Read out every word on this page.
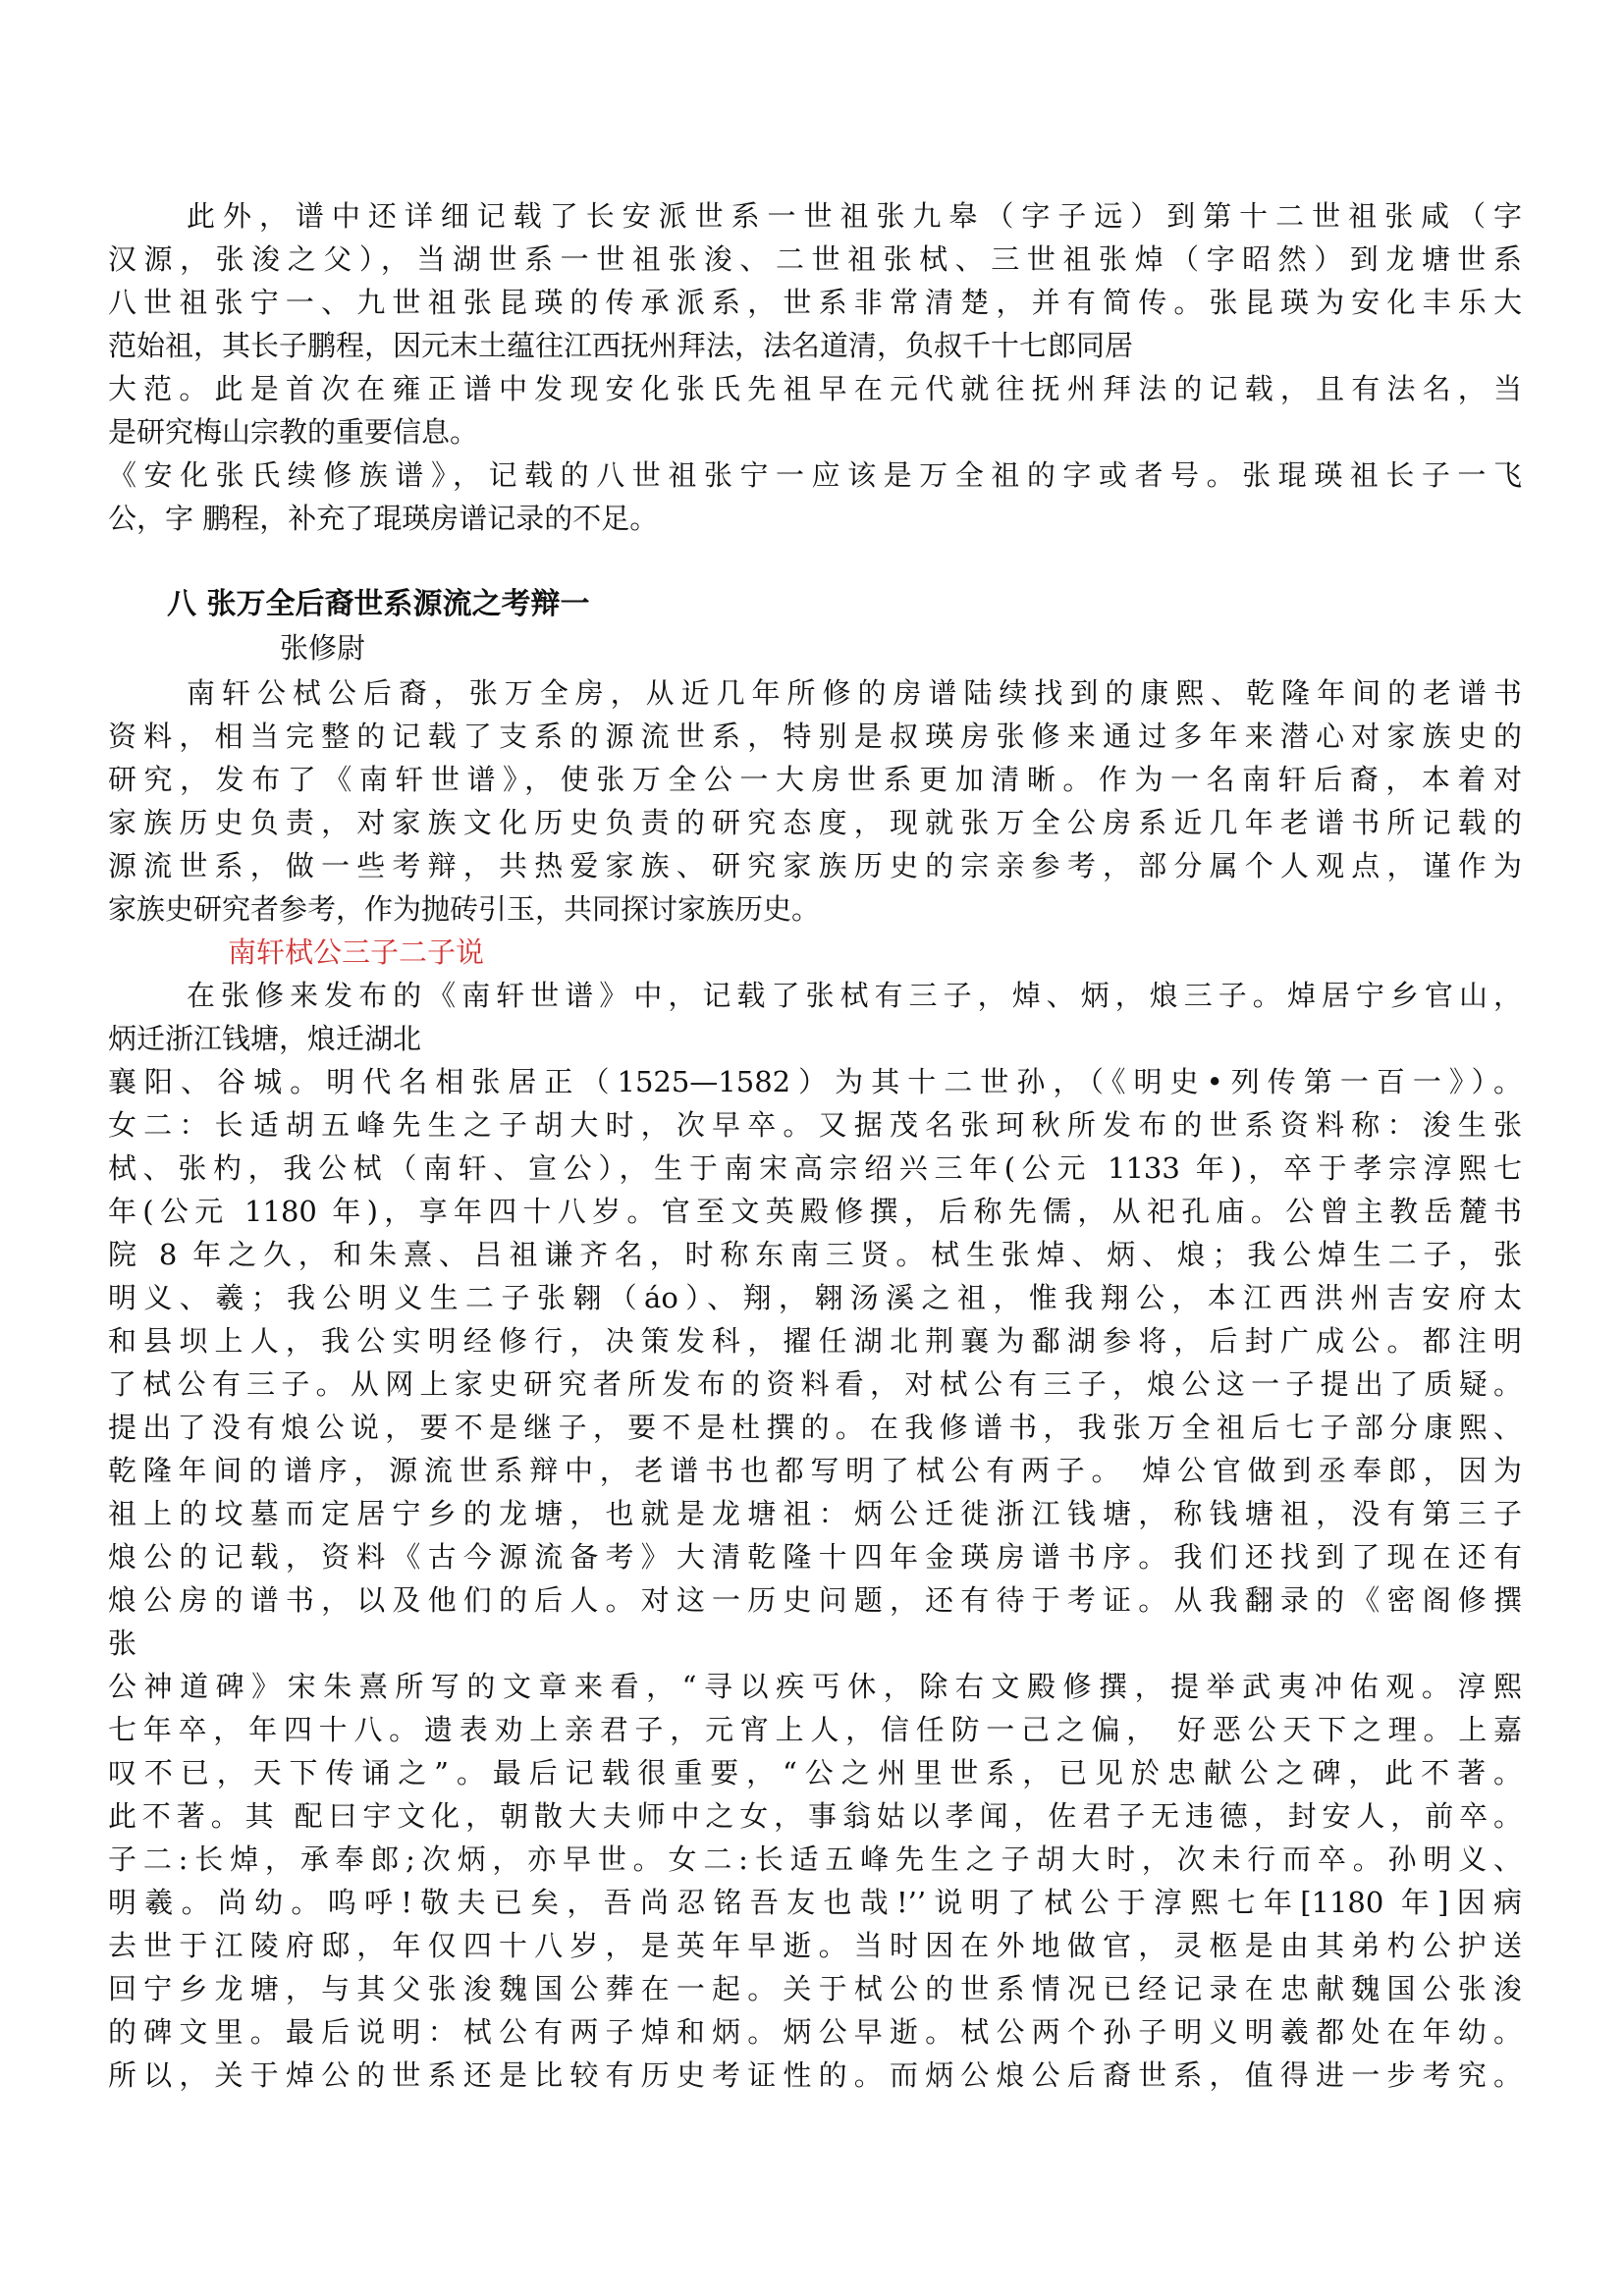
此外，谱中还详细记载了长安派世系一世祖张九皋（字子远）到第十二世祖张咸（字
汉源，张浚之父），当湖世系一世祖张浚、二世祖张栻、三世祖张焯（字昭然）到龙塘世系
八世祖张宁一、九世祖张昆瑛的传承派系，世系非常清楚，并有简传。张昆瑛为安化丰乐大
范始祖，其长子鹏程，因元末土蕴往江西抚州拜法，法名道清，负叔千十七郎同居
大范。此是首次在雍正谱中发现安化张氏先祖早在元代就往抚州拜法的记载，且有法名，当
是研究梅山宗教的重要信息。
《安化张氏续修族谱》，记载的八世祖张宁一应该是万全祖的字或者号。张琨瑛祖长子一飞
公，字 鹏程，补充了琨瑛房谱记录的不足。
八 张万全后裔世系源流之考辩一
张修尉
南轩公栻公后裔，张万全房，从近几年所修的房谱陆续找到的康熙、乾隆年间的老谱书
资料，相当完整的记载了支系的源流世系，特别是叔瑛房张修来通过多年来潜心对家族史的
研究，发布了《南轩世谱》，使张万全公一大房世系更加清晰。作为一名南轩后裔，本着对
家族历史负责，对家族文化历史负责的研究态度，现就张万全公房系近几年老谱书所记载的
源流世系，做一些考辩，共热爱家族、研究家族历史的宗亲参考，部分属个人观点，谨作为
家族史研究者参考，作为抛砖引玉，共同探讨家族历史。
南轩栻公三子二子说
在张修来发布的《南轩世谱》中，记载了张栻有三子，焯、炳，烺三子。焯居宁乡官山，
炳迁浙江钱塘，烺迁湖北
襄阳、谷城。明代名相张居正（1525—1582）为其十二世孙，（《明史•列传第一百一》）。
女二：长适胡五峰先生之子胡大时，次早卒。又据茂名张珂秋所发布的世系资料称：浚生张
栻、张杓，我公栻（南轩、宣公），生于南宋高宗绍兴三年(公元 1133 年)，卒于孝宗淳熙七
年(公元 1180 年)，享年四十八岁。官至文英殿修撰，后称先儒，从祀孔庙。公曾主教岳麓书
院 8 年之久，和朱熹、吕祖谦齐名，时称东南三贤。栻生张焯、炳、烺；我公焯生二子，张
明义、羲；我公明义生二子张翱（áo）、翔，翱汤溪之祖，惟我翔公，本江西洪州吉安府太
和县坝上人，我公实明经修行，决策发科，擢任湖北荆襄为鄱湖参将，后封广成公。都注明
了栻公有三子。从网上家史研究者所发布的资料看，对栻公有三子，烺公这一子提出了质疑。
提出了没有烺公说，要不是继子，要不是杜撰的。在我修谱书，我张万全祖后七子部分康熙、
乾隆年间的谱序，源流世系辩中，老谱书也都写明了栻公有两子。 焯公官做到丞奉郎，因为
祖上的坟墓而定居宁乡的龙塘，也就是龙塘祖：炳公迁徙浙江钱塘，称钱塘祖，没有第三子
烺公的记载，资料《古今源流备考》大清乾隆十四年金瑛房谱书序。我们还找到了现在还有
烺公房的谱书，以及他们的后人。对这一历史问题，还有待于考证。从我翻录的《密阁修撰
张
公神道碑》宋朱熹所写的文章来看，“寻以疾丐休，除右文殿修撰，提举武夷冲佑观。淳熙
七年卒，年四十八。遗表劝上亲君子，元宵上人，信任防一己之偏， 好恶公天下之理。上嘉
叹不已，天下传诵之”。最后记载很重要，“公之州里世系，已见於忠献公之碑，此不著。
此不著。其 配曰宇文化，朝散大夫师中之女，事翁姑以孝闻，佐君子无违德，封安人，前卒。
子二:长焯，承奉郎;次炳，亦早世。女二:长适五峰先生之子胡大时，次未行而卒。孙明义、
明羲。尚幼。呜呼!敬夫已矣，吾尚忍铭吾友也哉!’’说明了栻公于淳熙七年[1180 年]因病
去世于江陵府邸，年仅四十八岁，是英年早逝。当时因在外地做官，灵柩是由其弟杓公护送
回宁乡龙塘，与其父张浚魏国公葬在一起。关于栻公的世系情况已经记录在忠献魏国公张浚
的碑文里。最后说明：栻公有两子焯和炳。炳公早逝。栻公两个孙子明义明羲都处在年幼。
所以，关于焯公的世系还是比较有历史考证性的。而炳公烺公后裔世系，值得进一步考究。
